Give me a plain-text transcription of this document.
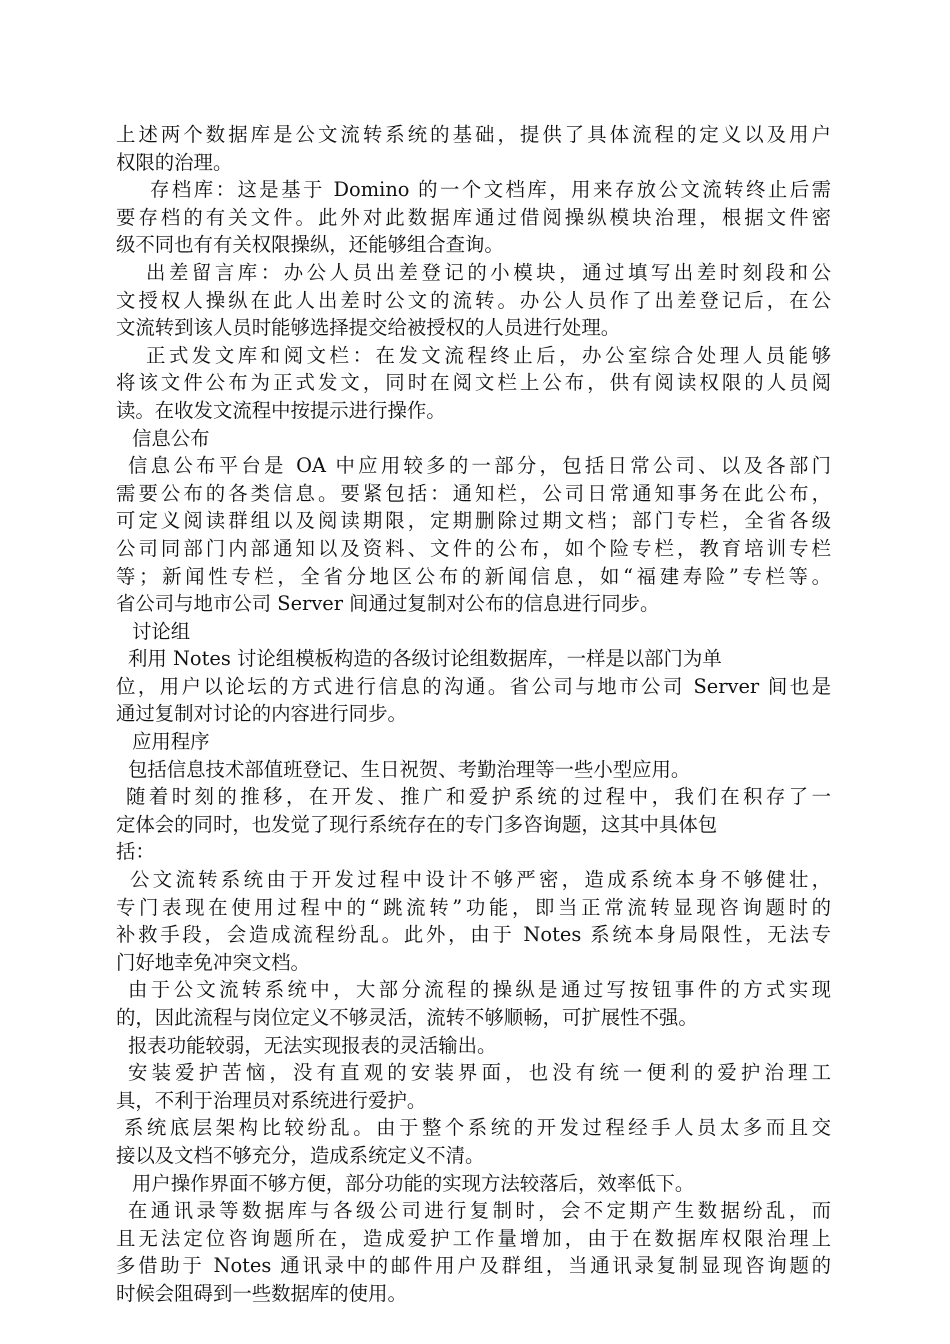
上述两个数据库是公文流转系统的基础，提供了具体流程的定义以及用户
权限的治理。
存档库：这是基于 Domino 的一个文档库，用来存放公文流转终止后需
要存档的有关文件。此外对此数据库通过借阅操纵模块治理，根据文件密
级不同也有有关权限操纵，还能够组合查询。
出差留言库：办公人员出差登记的小模块，通过填写出差时刻段和公
文授权人操纵在此人出差时公文的流转。办公人员作了出差登记后，在公
文流转到该人员时能够选择提交给被授权的人员进行处理。
正式发文库和阅文栏：在发文流程终止后，办公室综合处理人员能够
将该文件公布为正式发文，同时在阅文栏上公布，供有阅读权限的人员阅
读。在收发文流程中按提示进行操作。
信息公布
信息公布平台是 OA 中应用较多的一部分，包括日常公司、以及各部门
需要公布的各类信息。要紧包括：通知栏，公司日常通知事务在此公布，
可定义阅读群组以及阅读期限，定期删除过期文档；部门专栏，全省各级
公司同部门内部通知以及资料、文件的公布，如个险专栏，教育培训专栏
等；新闻性专栏，全省分地区公布的新闻信息，如“福建寿险”专栏等。
省公司与地市公司 Server 间通过复制对公布的信息进行同步。
讨论组
利用 Notes 讨论组模板构造的各级讨论组数据库，一样是以部门为单
位，用户以论坛的方式进行信息的沟通。省公司与地市公司 Server 间也是
通过复制对讨论的内容进行同步。
应用程序
包括信息技术部值班登记、生日祝贺、考勤治理等一些小型应用。
随着时刻的推移，在开发、推广和爱护系统的过程中，我们在积存了一
定体会的同时，也发觉了现行系统存在的专门多咨询题，这其中具体包
括：
公文流转系统由于开发过程中设计不够严密，造成系统本身不够健壮，
专门表现在使用过程中的“跳流转”功能，即当正常流转显现咨询题时的
补救手段，会造成流程纷乱。此外，由于 Notes 系统本身局限性，无法专
门好地幸免冲突文档。
由于公文流转系统中，大部分流程的操纵是通过写按钮事件的方式实现
的，因此流程与岗位定义不够灵活，流转不够顺畅，可扩展性不强。
报表功能较弱，无法实现报表的灵活输出。
安装爱护苦恼，没有直观的安装界面，也没有统一便利的爱护治理工
具，不利于治理员对系统进行爱护。
系统底层架构比较纷乱。由于整个系统的开发过程经手人员太多而且交
接以及文档不够充分，造成系统定义不清。
用户操作界面不够方便，部分功能的实现方法较落后，效率低下。
在通讯录等数据库与各级公司进行复制时，会不定期产生数据纷乱，而
且无法定位咨询题所在，造成爱护工作量增加，由于在数据库权限治理上
多借助于 Notes 通讯录中的邮件用户及群组，当通讯录复制显现咨询题的
时候会阻碍到一些数据库的使用。
